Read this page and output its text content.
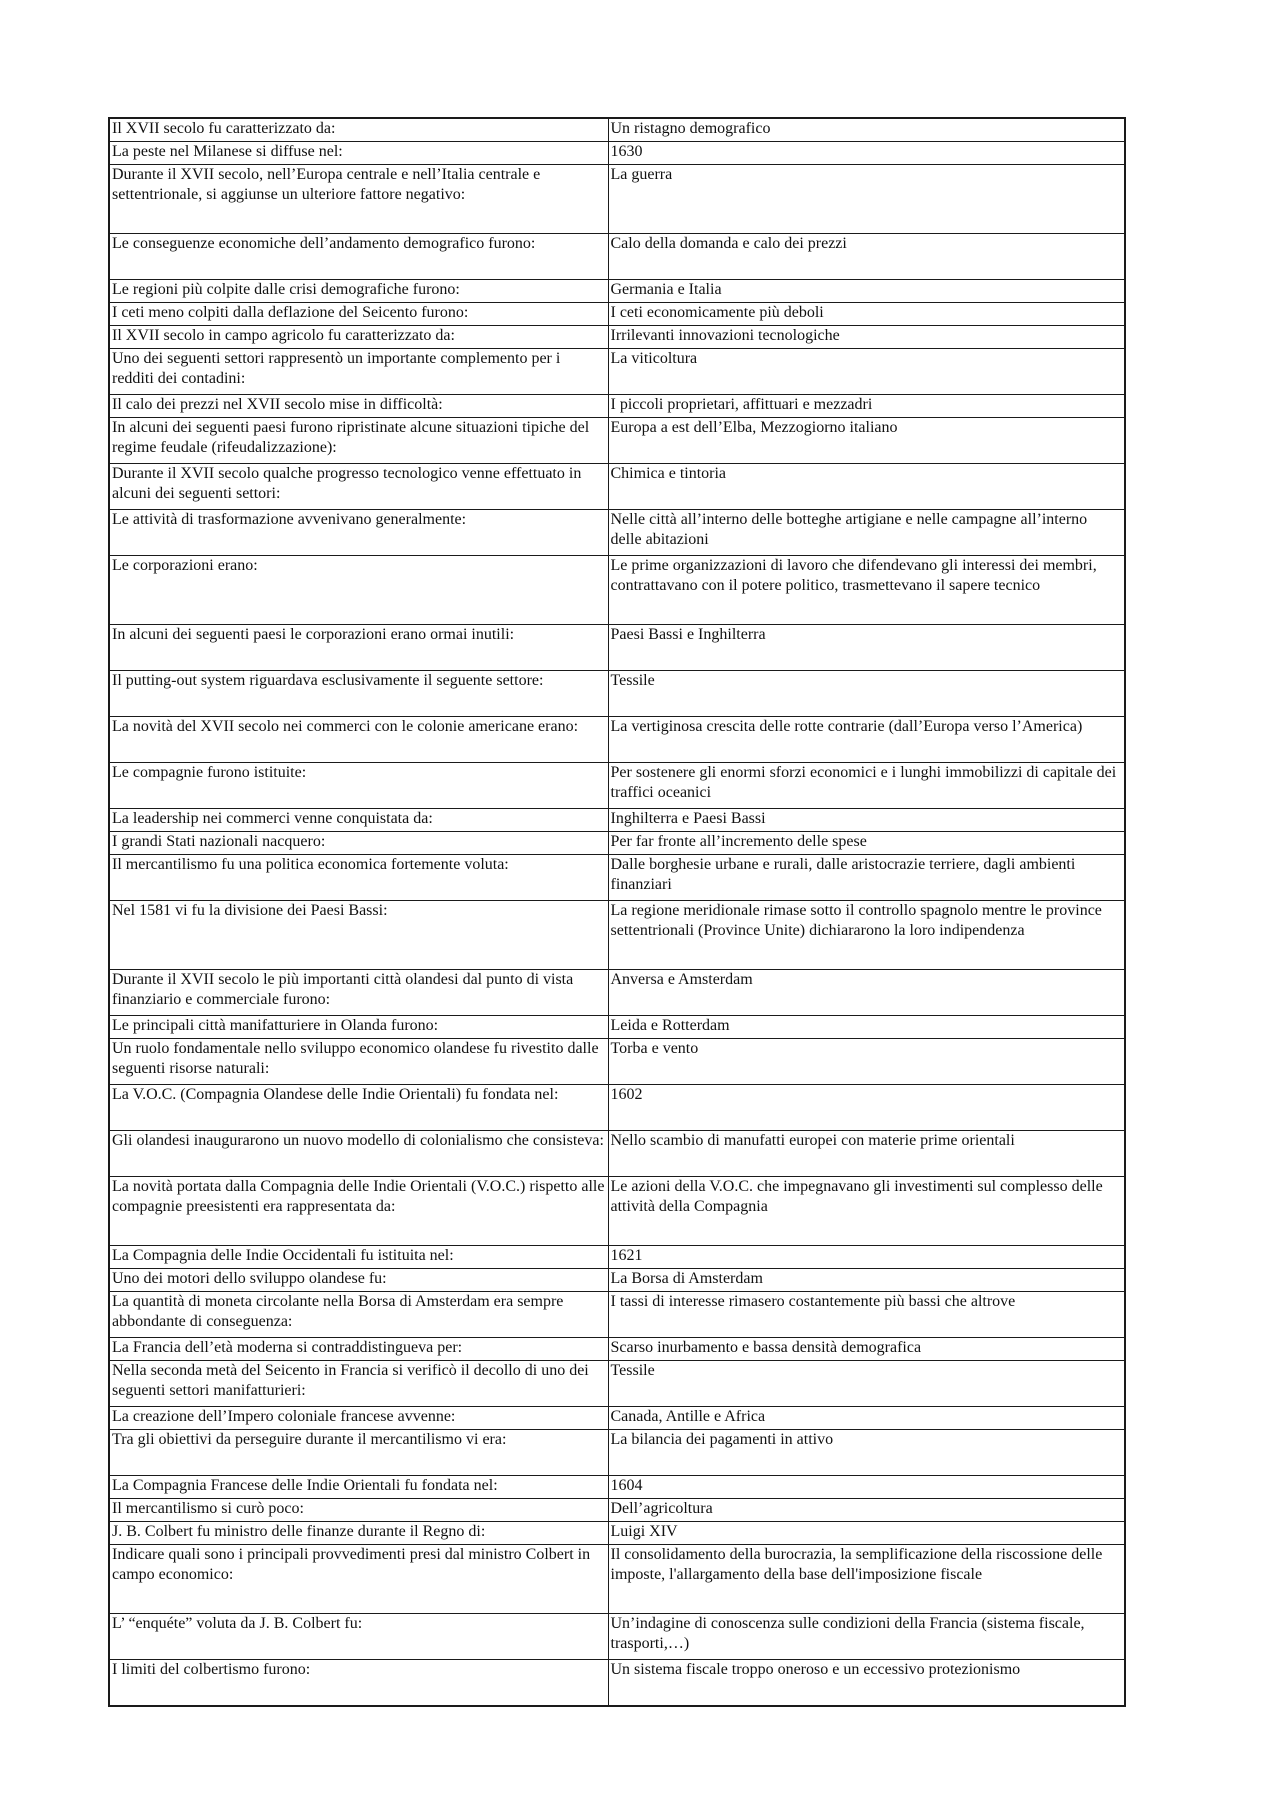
Il XVII secolo fu caratterizzato da:	Un ristagno demografico
La peste nel Milanese si diffuse nel:	1630
Durante il XVII secolo, nell’Europa centrale e nell’Italia centrale e settentrionale, si aggiunse un ulteriore fattore negativo:	La guerra
Le conseguenze economiche dell’andamento demografico furono:	Calo della domanda e calo dei prezzi
Le regioni più colpite dalle crisi demografiche furono:	Germania e Italia
I ceti meno colpiti dalla deflazione del Seicento furono:	I ceti economicamente più deboli
Il XVII secolo in campo agricolo fu caratterizzato da:	Irrilevanti innovazioni tecnologiche
Uno dei seguenti settori rappresentò un importante complemento per i redditi dei contadini:	La viticoltura
Il calo dei prezzi nel XVII secolo mise in difficoltà:	I piccoli proprietari, affittuari e mezzadri
In alcuni dei seguenti paesi furono ripristinate alcune situazioni tipiche del regime feudale (rifeudalizzazione):	Europa a est dell’Elba, Mezzogiorno italiano
Durante il XVII secolo qualche progresso tecnologico venne effettuato in alcuni dei seguenti settori:	Chimica e tintoria
Le attività di trasformazione avvenivano generalmente:	Nelle città all’interno delle botteghe artigiane e nelle campagne all’interno delle abitazioni
Le corporazioni erano:	Le prime organizzazioni di lavoro che difendevano gli interessi dei membri, contrattavano con il potere politico, trasmettevano il sapere tecnico
In alcuni dei seguenti paesi le corporazioni erano ormai inutili:	Paesi Bassi e Inghilterra
Il putting-out system riguardava esclusivamente il seguente settore:	Tessile
La novità del XVII secolo nei commerci con le colonie americane erano:	La vertiginosa crescita delle rotte contrarie (dall’Europa verso l’America)
Le compagnie furono istituite:	Per sostenere gli enormi sforzi economici e i lunghi immobilizzi di capitale dei traffici oceanici
La leadership nei commerci venne conquistata da:	Inghilterra e Paesi Bassi
I grandi Stati nazionali nacquero:	Per far fronte all’incremento delle spese
Il mercantilismo fu una politica economica fortemente voluta:	Dalle borghesie urbane e rurali, dalle aristocrazie terriere, dagli ambienti finanziari
Nel 1581 vi fu la divisione dei Paesi Bassi:	La regione meridionale rimase sotto il controllo spagnolo mentre le province settentrionali (Province Unite) dichiararono la loro indipendenza
Durante il XVII secolo le più importanti città olandesi dal punto di vista finanziario e commerciale furono:	Anversa e Amsterdam
Le principali città manifatturiere in Olanda furono:	Leida e Rotterdam
Un ruolo fondamentale nello sviluppo economico olandese fu rivestito dalle seguenti risorse naturali:	Torba e vento
La V.O.C. (Compagnia Olandese delle Indie Orientali) fu fondata nel:	1602
Gli olandesi inaugurarono un nuovo modello di colonialismo che consisteva:	Nello scambio di manufatti europei con materie prime orientali
La novità portata dalla Compagnia delle Indie Orientali (V.O.C.) rispetto alle compagnie preesistenti era rappresentata da:	Le azioni della V.O.C. che impegnavano gli investimenti sul complesso delle attività della Compagnia
La Compagnia delle Indie Occidentali fu istituita nel:	1621
Uno dei motori dello sviluppo olandese fu:	La Borsa di Amsterdam
La quantità di moneta circolante nella Borsa di Amsterdam era sempre abbondante di conseguenza:	I tassi di interesse rimasero costantemente più bassi che altrove
La Francia dell’età moderna si contraddistingueva per:	Scarso inurbamento e bassa densità demografica
Nella seconda metà del Seicento in Francia si verificò il decollo di uno dei seguenti settori manifatturieri:	Tessile
La creazione dell’Impero coloniale francese avvenne:	Canada, Antille e Africa
Tra gli obiettivi da perseguire durante il mercantilismo vi era:	La bilancia dei pagamenti in attivo
La Compagnia Francese delle Indie Orientali fu fondata nel:	1604
Il mercantilismo si curò poco:	Dell’agricoltura
J. B. Colbert fu ministro delle finanze durante il Regno di:	Luigi XIV
Indicare quali sono i principali provvedimenti presi dal ministro Colbert in campo economico:	Il consolidamento della burocrazia, la semplificazione della riscossione delle imposte, l'allargamento della base dell'imposizione fiscale
L’ “enquéte” voluta da J. B. Colbert fu:	Un’indagine di conoscenza sulle condizioni della Francia (sistema fiscale, trasporti,…)
I limiti del colbertismo furono:	Un sistema fiscale troppo oneroso e un eccessivo protezionismo
